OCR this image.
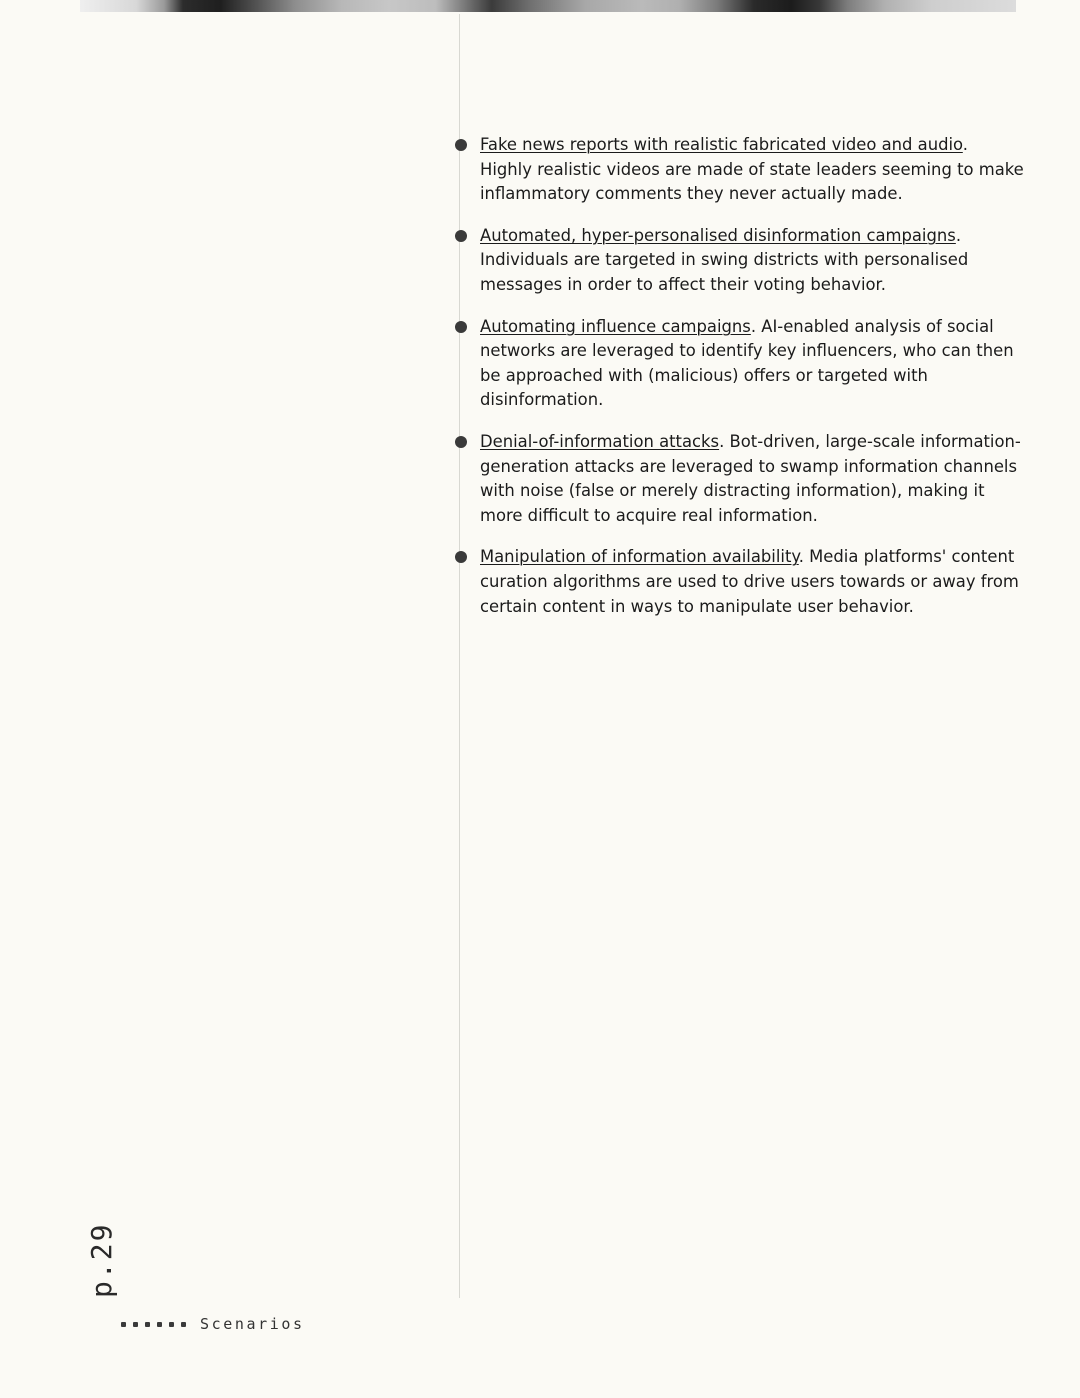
Fake news reports with realistic fabricated video and audio. Highly realistic videos are made of state leaders seeming to make inflammatory comments they never actually made.
Automated, hyper-personalised disinformation campaigns. Individuals are targeted in swing districts with personalised messages in order to affect their voting behavior.
Automating influence campaigns. AI-enabled analysis of social networks are leveraged to identify key influencers, who can then be approached with (malicious) offers or targeted with disinformation.
Denial-of-information attacks. Bot-driven, large-scale information-generation attacks are leveraged to swamp information channels with noise (false or merely distracting information), making it more difficult to acquire real information.
Manipulation of information availability. Media platforms' content curation algorithms are used to drive users towards or away from certain content in ways to manipulate user behavior.
p.29
Scenarios
